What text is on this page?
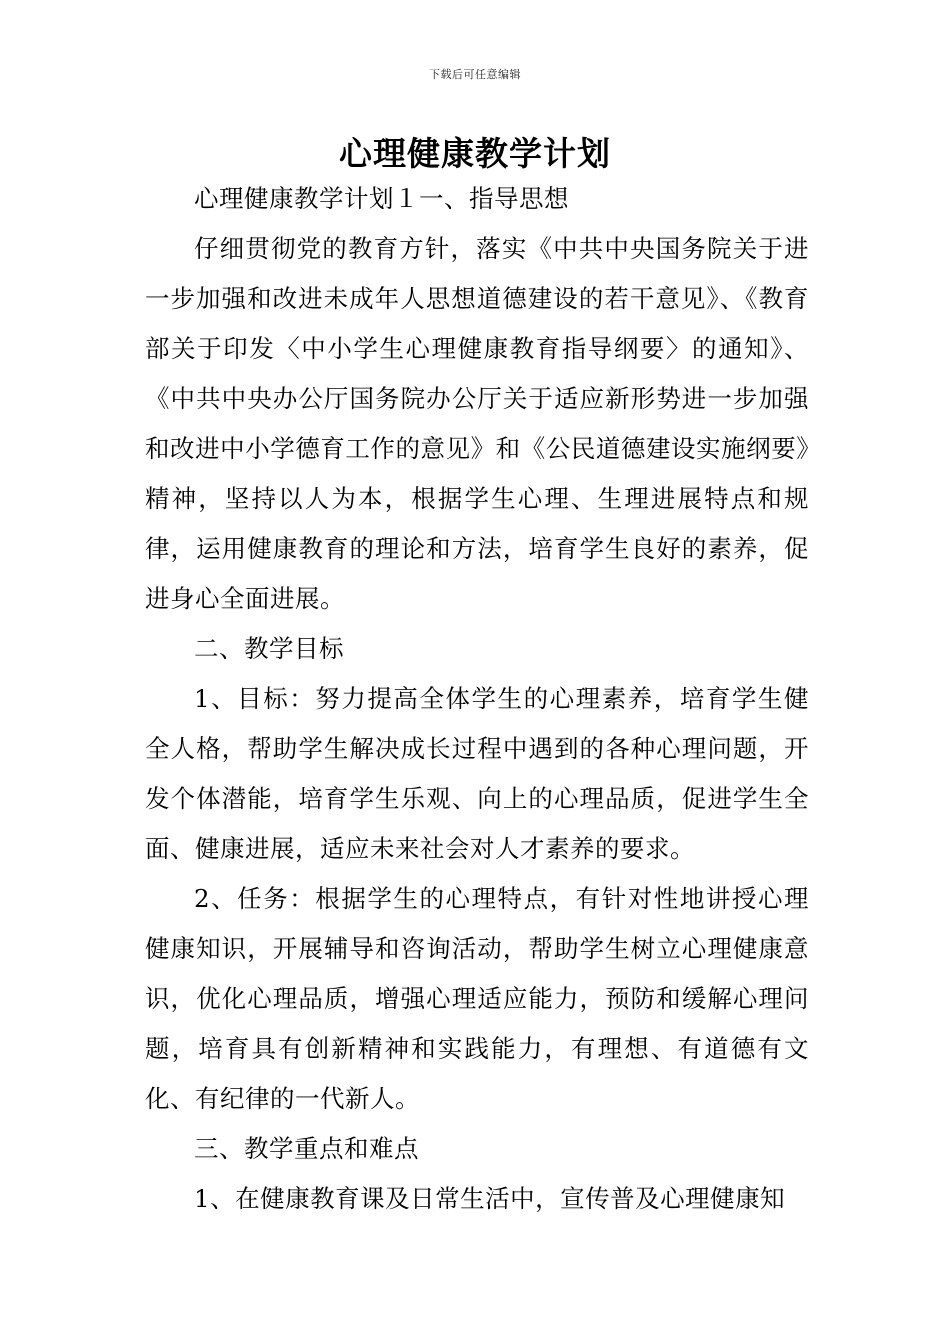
下载后可任意编辑
心理健康教学计划

心理健康教学计划１一、指导思想

仔细贯彻党的教育方针，落实《中共中央国务院关于进一步加强和改进未成年人思想道德建设的若干意见》、《教育部关于印发〈中小学生心理健康教育指导纲要〉的通知》、《中共中央办公厅国务院办公厅关于适应新形势进一步加强和改进中小学德育工作的意见》和《公民道德建设实施纲要》精神，坚持以人为本，根据学生心理、生理进展特点和规律，运用健康教育的理论和方法，培育学生良好的素养，促进身心全面进展。

二、教学目标

1、目标：努力提高全体学生的心理素养，培育学生健全人格，帮助学生解决成长过程中遇到的各种心理问题，开发个体潜能，培育学生乐观、向上的心理品质，促进学生全面、健康进展，适应未来社会对人才素养的要求。

2、任务：根据学生的心理特点，有针对性地讲授心理健康知识，开展辅导和咨询活动，帮助学生树立心理健康意识，优化心理品质，增强心理适应能力，预防和缓解心理问题，培育具有创新精神和实践能力，有理想、有道德有文化、有纪律的一代新人。

三、教学重点和难点

1、在健康教育课及日常生活中，宣传普及心理健康知
